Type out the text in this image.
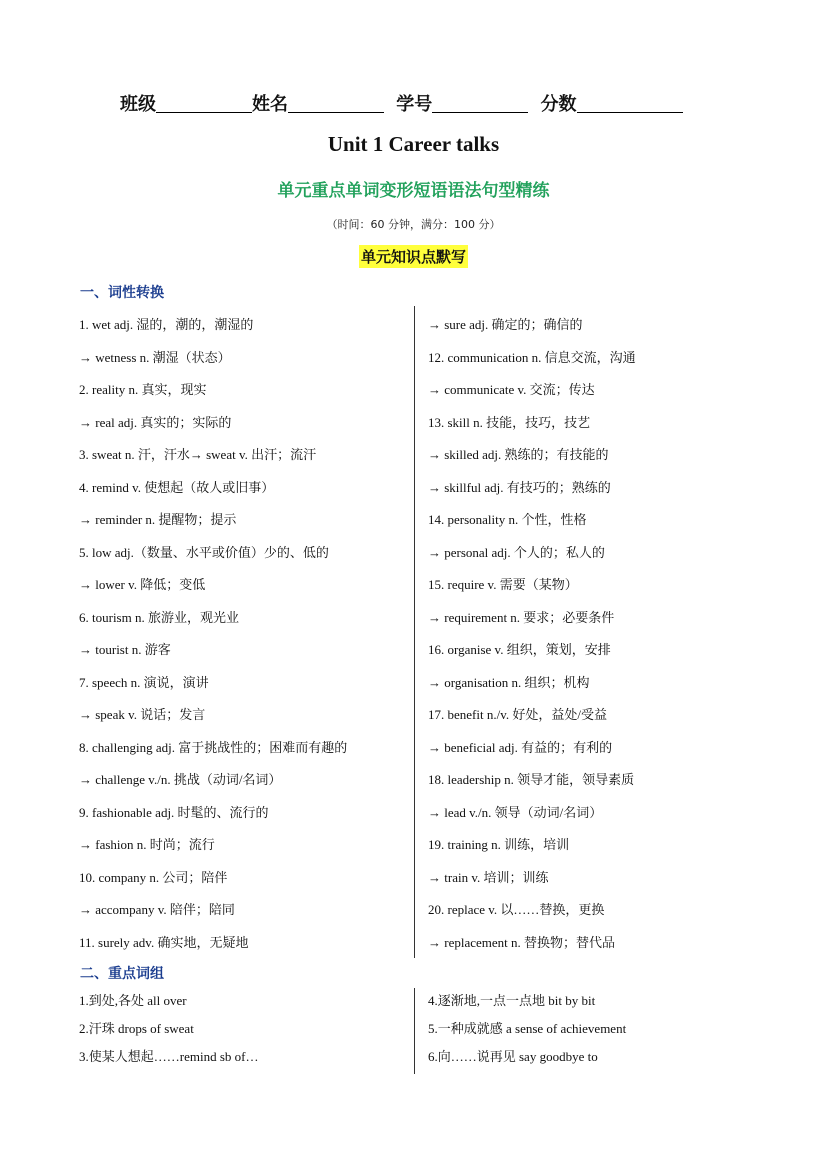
班级	姓名	学号	分数
Unit 1 Career talks
单元重点单词变形短语语法句型精练
（时间：60 分钟，满分：100 分）
单元知识点默写
一、词性转换
1. wet adj. 湿的，潮的，潮湿的
→ wetness n. 潮湿（状态）
2. reality n. 真实，现实
→ real adj. 真实的；实际的
3. sweat n. 汗，汗水→ sweat v. 出汗；流汗
4. remind v. 使想起（故人或旧事）
→ reminder n. 提醒物；提示
5. low adj.（数量、水平或价值）少的、低的
→ lower v. 降低；变低
6. tourism n. 旅游业，观光业
→ tourist n. 游客
7. speech n. 演说，演讲
→ speak v. 说话；发言
8. challenging adj. 富于挑战性的；困难而有趣的
→ challenge v./n. 挑战（动词/名词）
9. fashionable adj. 时髦的、流行的
→ fashion n. 时尚；流行
10. company n. 公司；陪伴
→ accompany v. 陪伴；陪同
11. surely adv. 确实地，无疑地
→ sure adj. 确定的；确信的
12. communication n. 信息交流，沟通
→ communicate v. 交流；传达
13. skill n. 技能，技巧，技艺
→ skilled adj. 熟练的；有技能的
→ skillful adj. 有技巧的；熟练的
14. personality n. 个性，性格
→ personal adj. 个人的；私人的
15. require v. 需要（某物）
→ requirement n. 要求；必要条件
16. organise v. 组织，策划，安排
→ organisation n. 组织；机构
17. benefit n./v. 好处，益处/受益
→ beneficial adj. 有益的；有利的
18. leadership n. 领导才能，领导素质
→ lead v./n. 领导（动词/名词）
19. training n. 训练，培训
→ train v. 培训；训练
20. replace v. 以……替换，更换
→ replacement n. 替换物；替代品
二、重点词组
1.到处,各处 all over
2.汗珠 drops of sweat
3.使某人想起……remind sb of…
4.逐渐地,一点一点地 bit by bit
5.一种成就感 a sense of achievement
6.向……说再见 say goodbye to
